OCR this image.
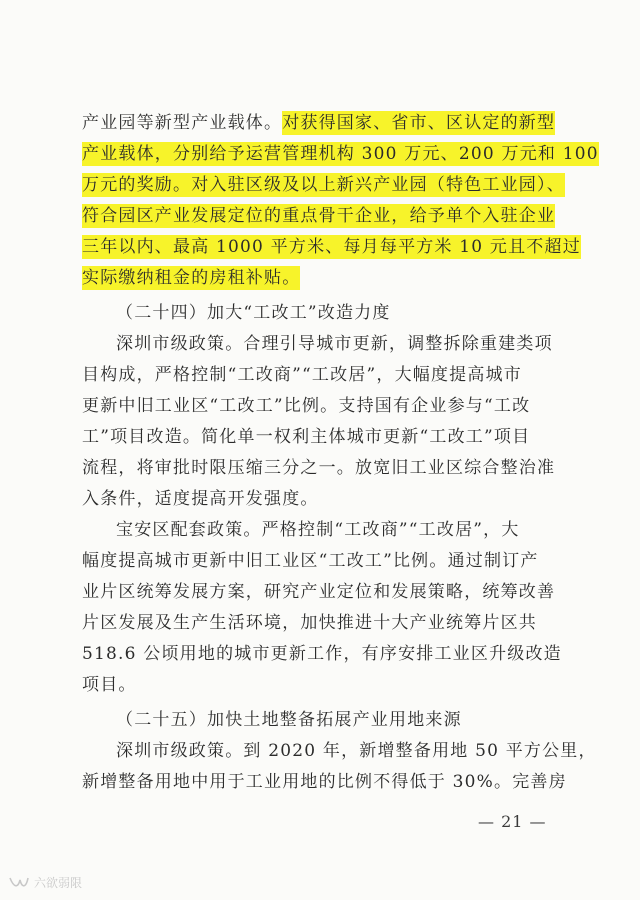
产业园等新型产业载体。对获得国家、省市、区认定的新型
产业载体，分别给予运营管理机构 300 万元、200 万元和 100
万元的奖励。对入驻区级及以上新兴产业园（特色工业园）、
符合园区产业发展定位的重点骨干企业，给予单个入驻企业
三年以内、最高 1000 平方米、每月每平方米 10 元且不超过
实际缴纳租金的房租补贴。
（二十四）加大“工改工”改造力度
深圳市级政策。合理引导城市更新，调整拆除重建类项
目构成，严格控制“工改商”“工改居”，大幅度提高城市
更新中旧工业区“工改工”比例。支持国有企业参与“工改
工”项目改造。简化单一权利主体城市更新“工改工”项目
流程，将审批时限压缩三分之一。放宽旧工业区综合整治准
入条件，适度提高开发强度。
宝安区配套政策。严格控制“工改商”“工改居”，大
幅度提高城市更新中旧工业区“工改工”比例。通过制订产
业片区统筹发展方案，研究产业定位和发展策略，统筹改善
片区发展及生产生活环境，加快推进十大产业统筹片区共
518.6 公顷用地的城市更新工作，有序安排工业区升级改造
项目。
（二十五）加快土地整备拓展产业用地来源
深圳市级政策。到 2020 年，新增整备用地 50 平方公里，
新增整备用地中用于工业用地的比例不得低于 30%。完善房
— 21 —
六欲弱限
